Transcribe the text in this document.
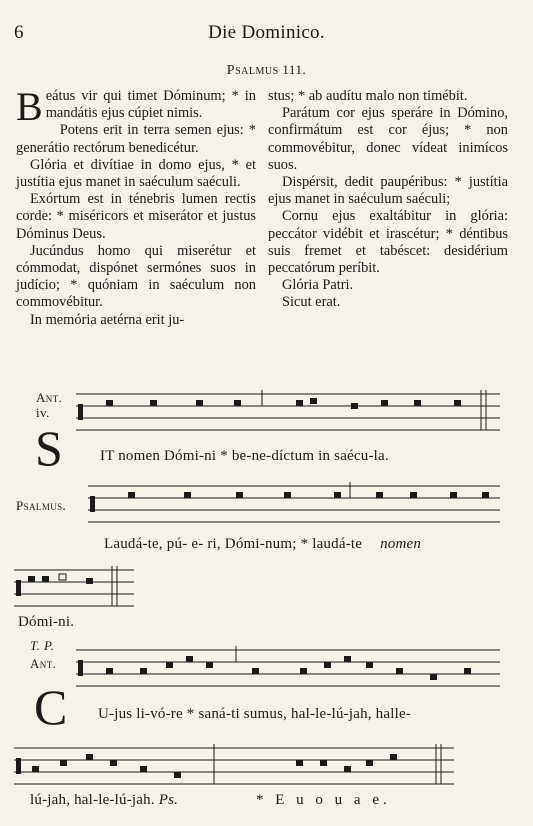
6	Die Dominico.
Psalmus 111.

Beátus vir qui timet Dóminum; * in mandátis ejus cúpiet nimis.

Potens erit in terra semen ejus: * generátio rectórum benedicétur.

Glória et divítiae in domo ejus, * et justítia ejus manet in saéculum saéculi.

Exórtum est in ténebris lumen rectis corde: * miséricors et miserátor et justus Dóminus Deus.

Jucúndus homo qui miserétur et cómmodat, dispónet sermónes suos in judício; * quóniam in saéculum non commovébitur.

In memória aetérna erit ju-

stus; * ab audítu malo non timébit.

Parátum cor ejus speráre in Dómino, confirmátum est cor éjus; * non commovébitur, donec vídeat inimícos suos.

Dispérsit, dedit paupéribus: * justítia ejus manet in saéculum saéculi;

Cornu ejus exaltábitur in glória: peccátor vidébit et irascétur; * déntibus suis fremet et tabéscet: desidérium peccatórum períbit.

Glória Patri.

Sicut erat.

Ant.
iv.
S IT nomen Dómi-ni * be-ne-díctum in saécu-la.
Psalmus.
Laudá-te, pú- e- ri, Dómi-num; * laudá-te nomen
Dómi-ni.
T. P.
Ant.
C U-jus li-vó-re * saná-ti sumus, hal-le-lú-jah, halle-
lú-jah, hal-le-lú-jah. Ps.	* E u o u a e.
